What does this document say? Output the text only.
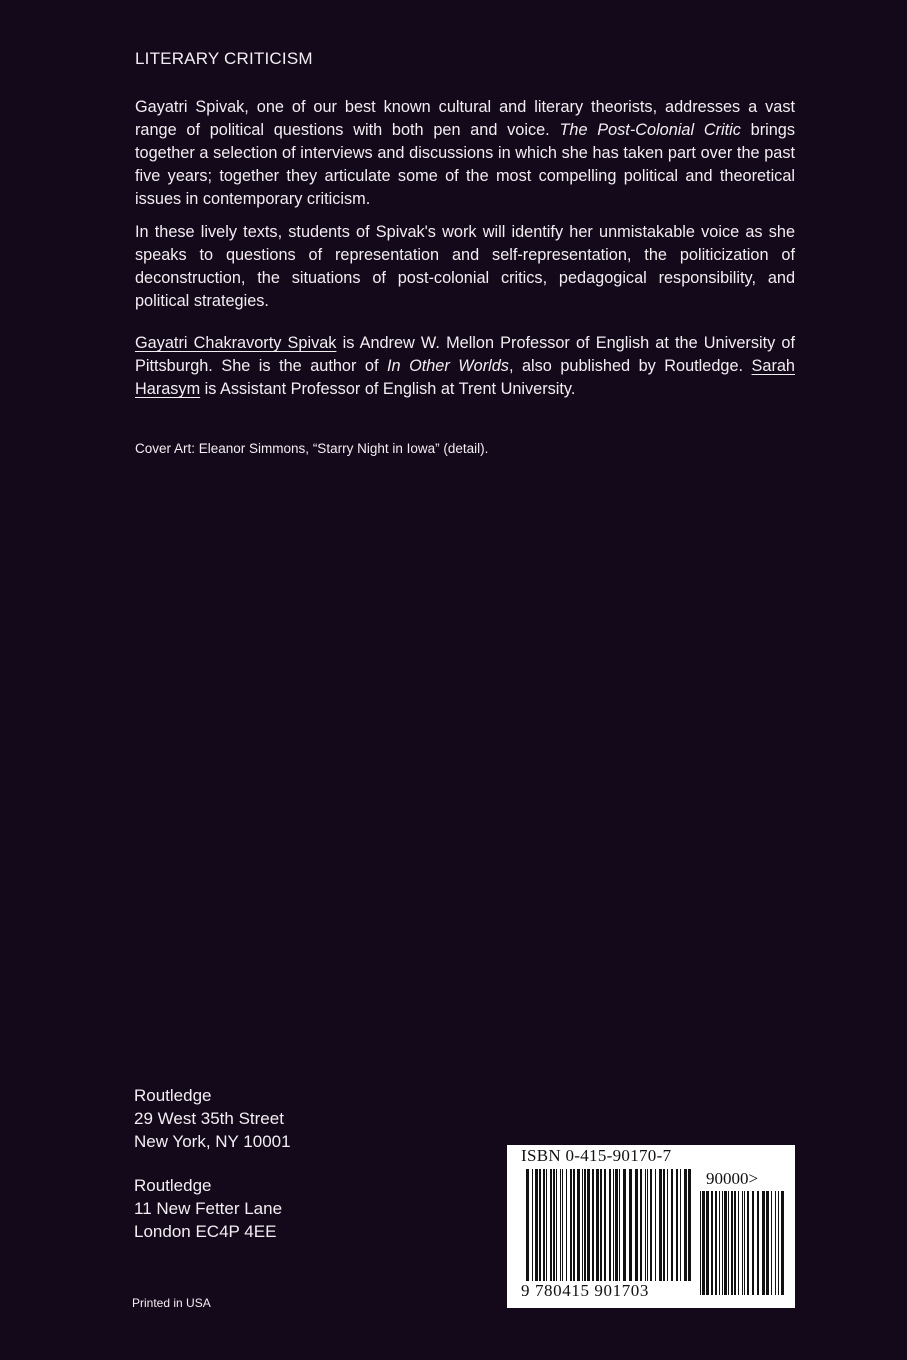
LITERARY CRITICISM

Gayatri Spivak, one of our best known cultural and literary theorists, addresses a vast range of political questions with both pen and voice. The Post-Colonial Critic brings together a selection of interviews and discussions in which she has taken part over the past five years; together they articulate some of the most compelling political and theoretical issues in contemporary criticism.

In these lively texts, students of Spivak's work will identify her unmistakable voice as she speaks to questions of representation and self-representation, the politicization of deconstruction, the situations of post-colonial critics, pedagogical responsibility, and political strategies.

Gayatri Chakravorty Spivak is Andrew W. Mellon Professor of English at the University of Pittsburgh. She is the author of In Other Worlds, also published by Routledge. Sarah Harasym is Assistant Professor of English at Trent University.
Cover Art: Eleanor Simmons, “Starry Night in Iowa” (detail).
Routledge
29 West 35th Street
New York, NY 10001
Routledge
11 New Fetter Lane
London EC4P 4EE
Printed in USA
ISBN 0-415-90170-7
90000>
9 780415 901703
